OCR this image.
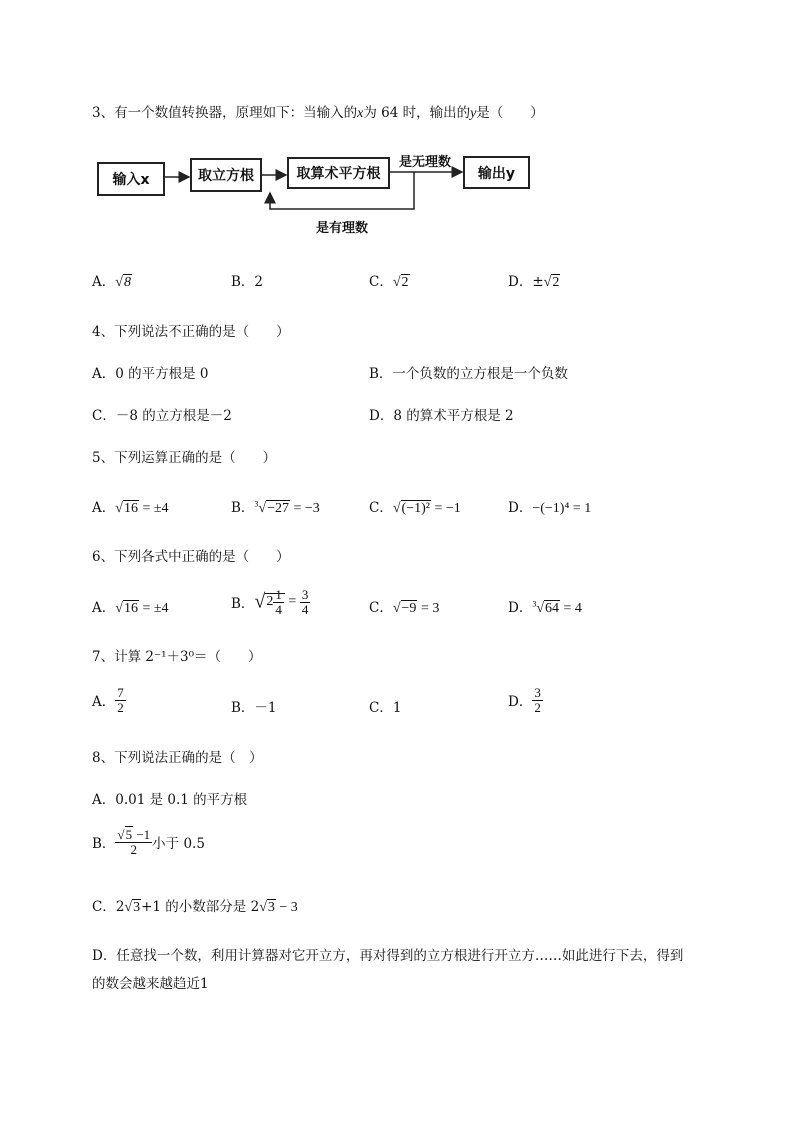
3、有一个数值转换器，原理如下：当输入的x为 64 时，输出的y是（　　）
输入x	取立方根	取算术平方根	输出y
是无理数
是有理数
A．√8	B．2	C．√2	D．±√2
4、下列说法不正确的是（　　）
A．0 的平方根是 0	B．一个负数的立方根是一个负数
C．－8 的立方根是－2	D．8 的算术平方根是 2
5、下列运算正确的是（　　）
A．√16 = ±4	B．$^3$√−27 = −3	C．√(−1)² = −1	D．−(−1)⁴ = 1
6、下列各式中正确的是（　　）
A．√16 = ±4	B．$√2 \frac{1}{4} = \frac{3}{4}$	C．√−9 = 3	D．$^3$√64 = 4
7、计算 2⁻¹＋3⁰＝（　　）
A． $\frac{7}{2}$	B．－1	C．1	D． $\frac{3}{2}$
8、下列说法正确的是（　）
A．0.01 是 0.1 的平方根
B． $\frac{√5 -1}{2}$ 小于 0.5
C．2√3+1 的小数部分是 2√3 − 3
D．任意找一个数，利用计算器对它开立方，再对得到的立方根进行开立方……如此进行下去，得到
的数会越来越趋近1
